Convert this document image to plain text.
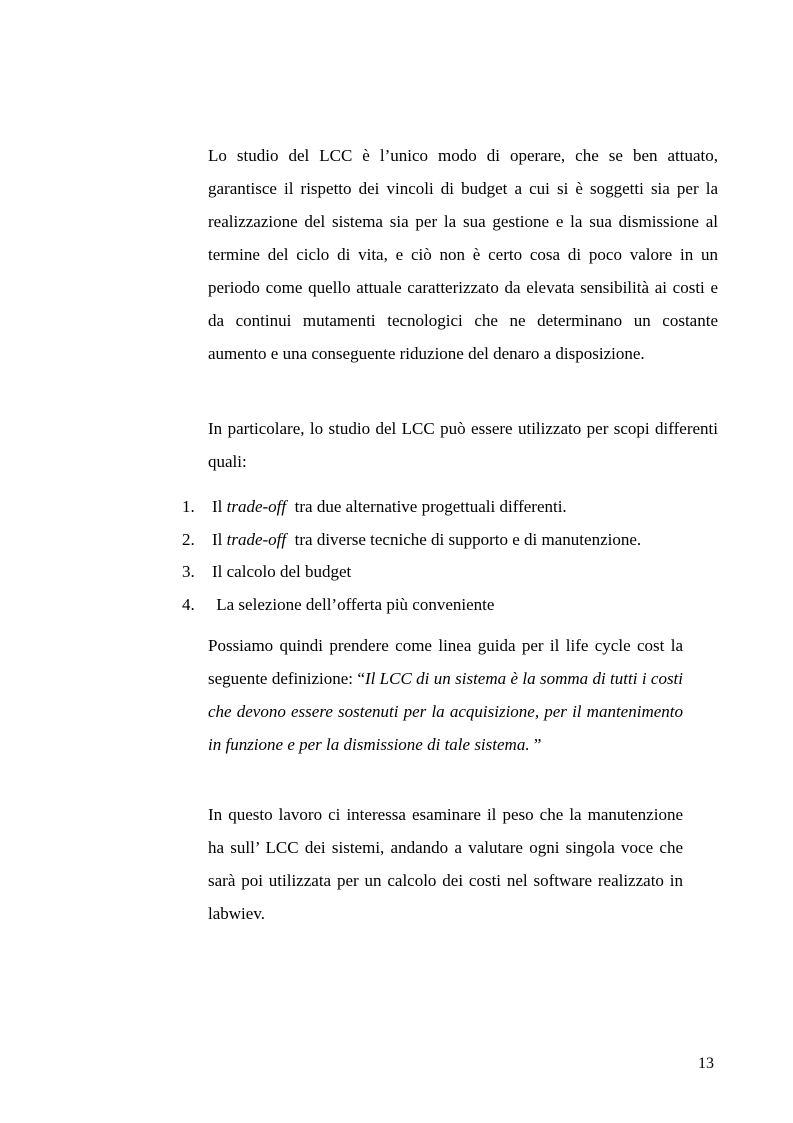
Lo studio del LCC è l’unico modo di operare, che se ben attuato, garantisce il rispetto dei vincoli di budget a cui si è soggetti sia per la realizzazione del sistema sia per la sua gestione e la sua dismissione al termine del ciclo di vita, e ciò non è certo cosa di poco valore in un periodo come quello attuale caratterizzato da elevata sensibilità ai costi e da continui mutamenti tecnologici che ne determinano un costante aumento e una conseguente riduzione del denaro a disposizione.

In particolare, lo studio del LCC può essere utilizzato per scopi differenti quali:

1. Il trade-off  tra due alternative progettuali differenti.
2. Il trade-off  tra diverse tecniche di supporto e di manutenzione.
3. Il calcolo del budget
4. La selezione dell’offerta più conveniente

Possiamo quindi prendere come linea guida per il life cycle cost la seguente definizione: “Il LCC di un sistema è la somma di tutti i costi che devono essere sostenuti per la acquisizione, per il mantenimento in funzione e per la dismissione di tale sistema. ”

In questo lavoro ci interessa esaminare il peso che la manutenzione ha sull’ LCC dei sistemi, andando a valutare ogni singola voce che sarà poi utilizzata per un calcolo dei costi nel software realizzato in labwiev.

13
